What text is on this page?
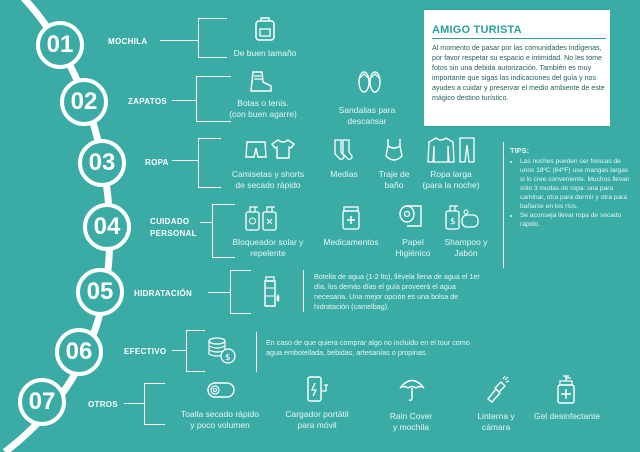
01
02
03
04
05
06
07
MOCHILA
ZAPATOS
ROPA
CUIDADO
PERSONAL
HIDRATACIÓN
EFECTIVO
OTROS
De buen tamaño
Botas o tenis.
(con buen agarre)	Sandalias para
descansar
Camisetas y shorts
de secado rápido
Medias	Traje de
baño
Ropa larga
(para la noche)
TIPS:
• Las noches pueden ser frescas de unos 18ºC (64ºF) use mangas largas si lo cree conveniente. Muchos llevan sólo 3 mudas de ropa: una para caminar, otra para dormir y otra para bañarse en los ríos.
• Se aconseja llevar ropa de secado rápido.
Bloqueador solar y
repelente
Medicamentos	Papel
Higiénico
$
Shampoo y
Jabón
Botella de agua (1-2 lts), llévela llena de agua el 1er día, los demás días el guía proveerá el agua necesaria. Una mejor opción es una bolsa de hidratación (camelbag).
$
En caso de que quiera comprar algo no incluido en el tour como agua embotellada, bebidas, artesanías o propinas.
Toalla secado rápido
y poco volumen
Cargador portátil
para móvil
Rain Cover
y mochila
Linterna y
cámara
Gel desinfectante
AMIGO TURISTA
Al momento de pasar por las comunidades indígenas, por favor respetar su espacio e intimidad. No les tome fotos sin una debida autorización. También es muy importante que sigas las indicaciones del guía y nos ayudes a cuidar y preservar el medio ambiente de este mágico destino turístico.
